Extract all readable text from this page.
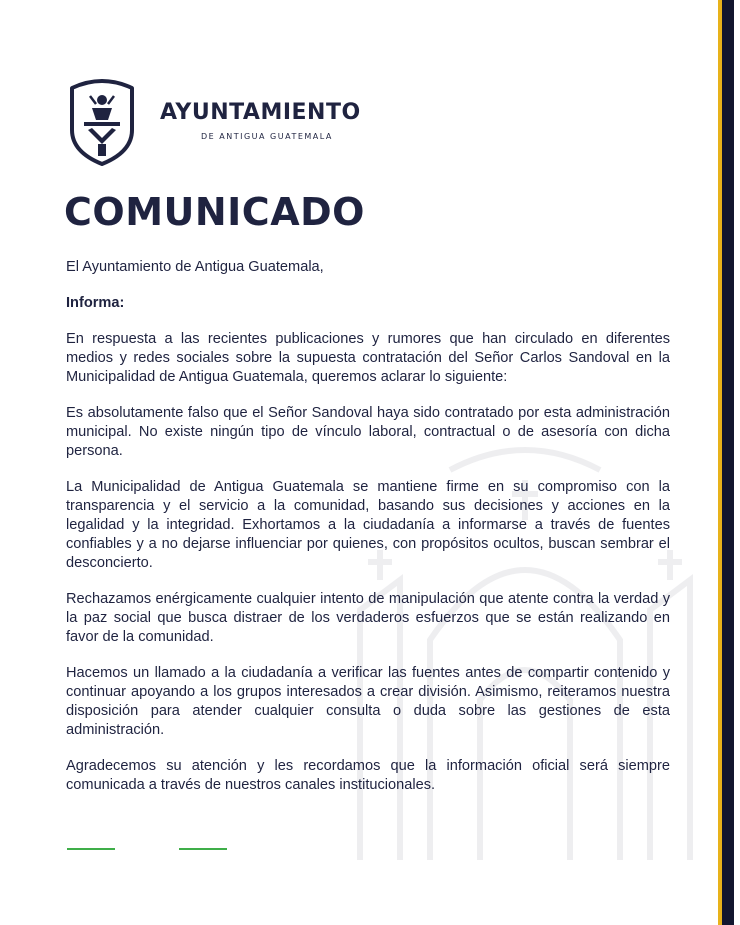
AYUNTAMIENTO
DE ANTIGUA GUATEMALA
COMUNICADO

El Ayuntamiento de Antigua Guatemala,

Informa:

En respuesta a las recientes publicaciones y rumores que han circulado en diferentes medios y redes sociales sobre la supuesta contratación del Señor Carlos Sandoval en la Municipalidad de Antigua Guatemala, queremos aclarar lo siguiente:

Es absolutamente falso que el Señor Sandoval haya sido contratado por esta administración municipal. No existe ningún tipo de vínculo laboral, contractual o de asesoría con dicha persona.

La Municipalidad de Antigua Guatemala se mantiene firme en su compromiso con la transparencia y el servicio a la comunidad, basando sus decisiones y acciones en la legalidad y la integridad. Exhortamos a la ciudadanía a informarse a través de fuentes confiables y a no dejarse influenciar por quienes, con propósitos ocultos, buscan sembrar el desconcierto.

Rechazamos enérgicamente cualquier intento de manipulación que atente contra la verdad y la paz social que busca distraer de los verdaderos esfuerzos que se están realizando en favor de la comunidad.

Hacemos un llamado a la ciudadanía a verificar las fuentes antes de compartir contenido y continuar apoyando a los grupos interesados a crear división. Asimismo, reiteramos nuestra disposición para atender cualquier consulta o duda sobre las gestiones de esta administración.

Agradecemos su atención y les recordamos que la información oficial será siempre comunicada a través de nuestros canales institucionales.
